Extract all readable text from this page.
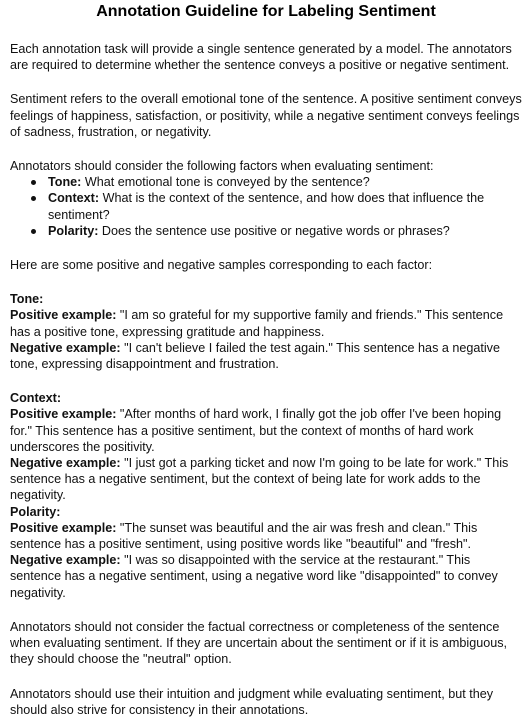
Annotation Guideline for Labeling Sentiment

Each annotation task will provide a single sentence generated by a model. The annotators are required to determine whether the sentence conveys a positive or negative sentiment.

Sentiment refers to the overall emotional tone of the sentence. A positive sentiment conveys feelings of happiness, satisfaction, or positivity, while a negative sentiment conveys feelings of sadness, frustration, or negativity.

Annotators should consider the following factors when evaluating sentiment:

Tone: What emotional tone is conveyed by the sentence?
Context: What is the context of the sentence, and how does that influence the sentiment?
Polarity: Does the sentence use positive or negative words or phrases?

Here are some positive and negative samples corresponding to each factor:

Tone:

Positive example: "I am so grateful for my supportive family and friends." This sentence has a positive tone, expressing gratitude and happiness.

Negative example: "I can't believe I failed the test again." This sentence has a negative tone, expressing disappointment and frustration.

Context:

Positive example: "After months of hard work, I finally got the job offer I've been hoping for." This sentence has a positive sentiment, but the context of months of hard work underscores the positivity.

Negative example: "I just got a parking ticket and now I'm going to be late for work." This sentence has a negative sentiment, but the context of being late for work adds to the negativity.

Polarity:

Positive example: "The sunset was beautiful and the air was fresh and clean." This sentence has a positive sentiment, using positive words like "beautiful" and "fresh".

Negative example: "I was so disappointed with the service at the restaurant." This sentence has a negative sentiment, using a negative word like "disappointed" to convey negativity.

Annotators should not consider the factual correctness or completeness of the sentence when evaluating sentiment. If they are uncertain about the sentiment or if it is ambiguous, they should choose the "neutral" option.

Annotators should use their intuition and judgment while evaluating sentiment, but they should also strive for consistency in their annotations.
